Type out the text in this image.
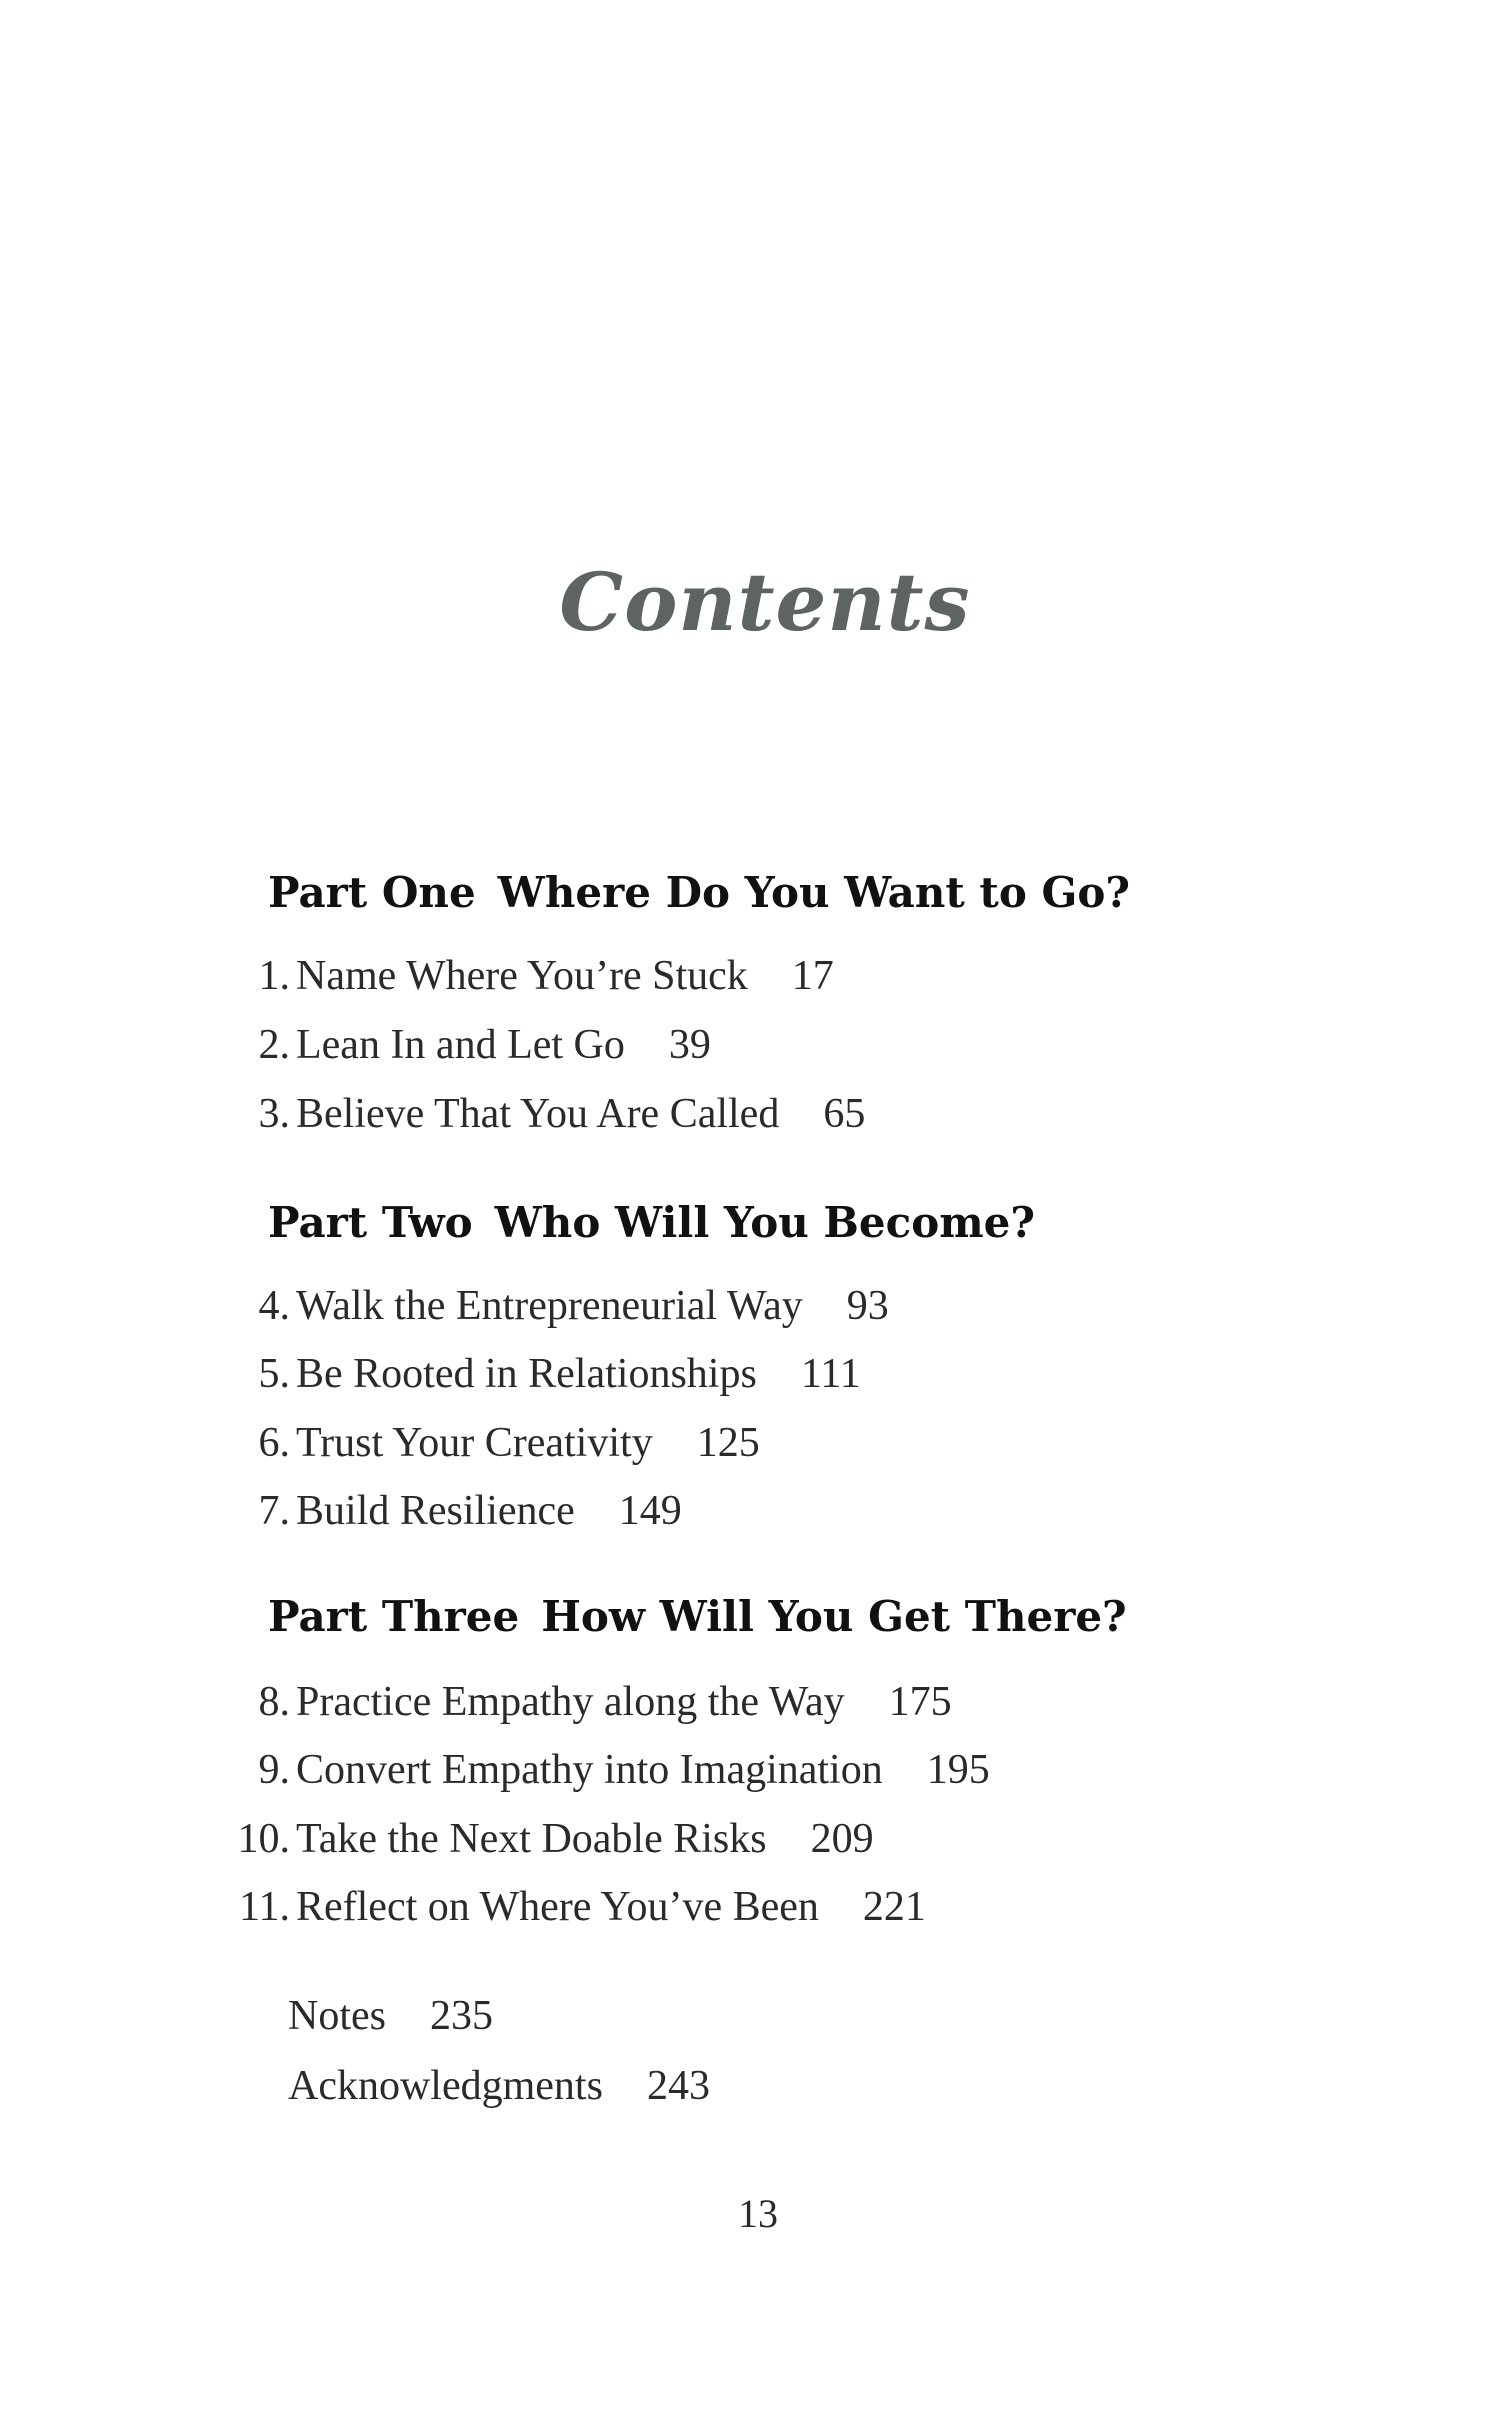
Contents
Part One Where Do You Want to Go?
1. Name Where You’re Stuck 17
2. Lean In and Let Go 39
3. Believe That You Are Called 65
Part Two Who Will You Become?
4. Walk the Entrepreneurial Way 93
5. Be Rooted in Relationships 111
6. Trust Your Creativity 125
7. Build Resilience 149
Part Three How Will You Get There?
8. Practice Empathy along the Way 175
9. Convert Empathy into Imagination 195
10. Take the Next Doable Risks 209
11. Reflect on Where You’ve Been 221
Notes 235
Acknowledgments 243
13
